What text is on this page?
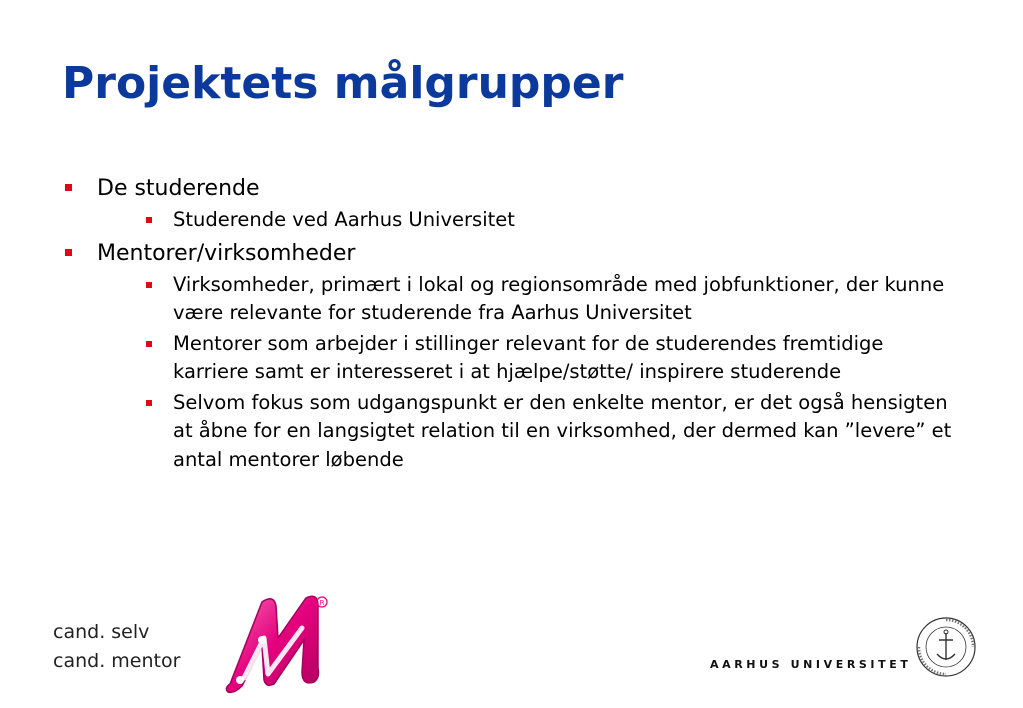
Projektets målgrupper
De studerende
Studerende ved Aarhus Universitet
Mentorer/virksomheder
Virksomheder, primært i lokal og regionsområde med jobfunktioner, der kunne være relevante for studerende fra Aarhus Universitet
Mentorer som arbejder i stillinger relevant for de studerendes fremtidige karriere samt er interesseret i at hjælpe/støtte/ inspirere studerende
Selvom fokus som udgangspunkt er den enkelte mentor, er det også hensigten at åbne for en langsigtet relation til en virksomhed, der dermed kan ”levere” et antal mentorer løbende
cand. selv
cand. mentor
R
AARHUS UNIVERSITET
